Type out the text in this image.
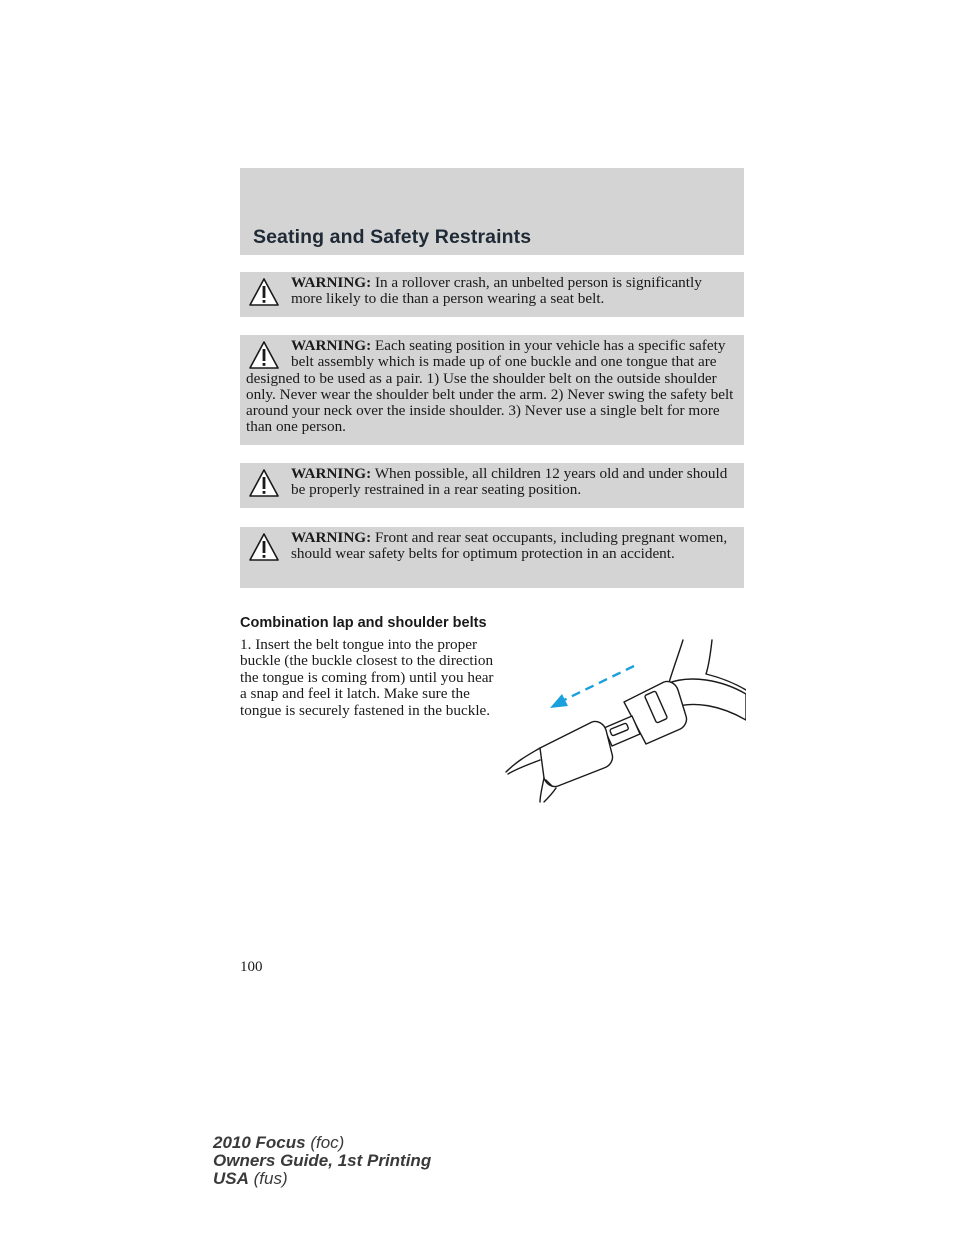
Seating and Safety Restraints
WARNING: In a rollover crash, an unbelted person is significantly more likely to die than a person wearing a seat belt.
WARNING: Each seating position in your vehicle has a specific safety belt assembly which is made up of one buckle and one tongue that are designed to be used as a pair. 1) Use the shoulder belt on the outside shoulder only. Never wear the shoulder belt under the arm. 2) Never swing the safety belt around your neck over the inside shoulder. 3) Never use a single belt for more than one person.
WARNING: When possible, all children 12 years old and under should be properly restrained in a rear seating position.
WARNING: Front and rear seat occupants, including pregnant women, should wear safety belts for optimum protection in an accident.
Combination lap and shoulder belts

1. Insert the belt tongue into the proper buckle (the buckle closest to the direction the tongue is coming from) until you hear a snap and feel it latch. Make sure the tongue is securely fastened in the buckle.

100
2010 Focus (foc)
Owners Guide, 1st Printing
USA (fus)
